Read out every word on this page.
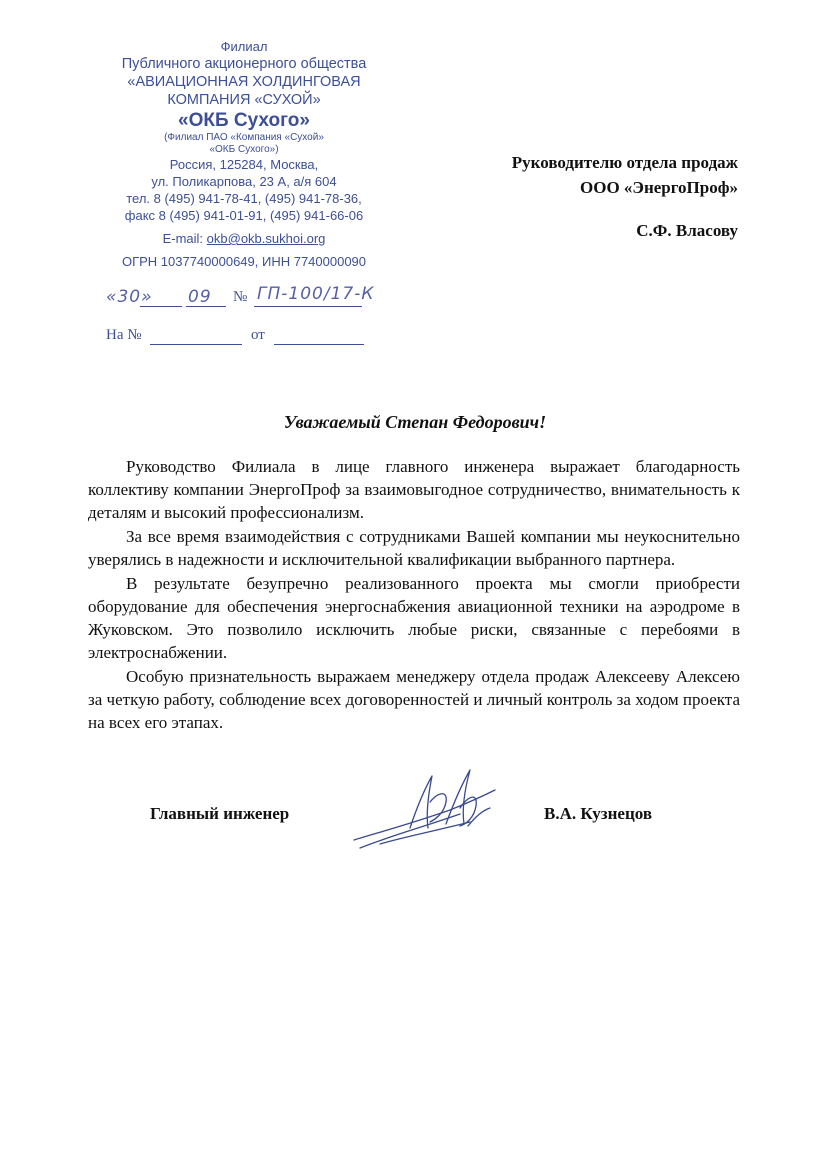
Филиал
Публичного акционерного общества
«АВИАЦИОННАЯ ХОЛДИНГОВАЯ
КОМПАНИЯ «СУХОЙ»
«ОКБ Сухого»
(Филиал ПАО «Компания «Сухой»
«ОКБ Сухого»)
Россия, 125284, Москва,
ул. Поликарпова, 23 А, а/я 604
тел. 8 (495) 941-78-41, (495) 941-78-36,
факс 8 (495) 941-01-91, (495) 941-66-06
E-mail: okb@okb.sukhoi.org
ОГРН 1037740000649, ИНН 7740000090
«30» 09 № ГП-100/17-К
На №	от
Руководителю отдела продаж
ООО «ЭнергоПроф»
С.Ф. Власову
Уважаемый Степан Федорович!

Руководство Филиала в лице главного инженера выражает благодарность коллективу компании ЭнергоПроф за взаимовыгодное сотрудничество, внимательность к деталям и высокий профессионализм.

За все время взаимодействия с сотрудниками Вашей компании мы неукоснительно уверялись в надежности и исключительной квалификации выбранного партнера.

В результате безупречно реализованного проекта мы смогли приобрести оборудование для обеспечения энергоснабжения авиационной техники на аэродроме в Жуковском. Это позволило исключить любые риски, связанные с перебоями в электроснабжении.

Особую признательность выражаем менеджеру отдела продаж Алексееву Алексею за четкую работу, соблюдение всех договоренностей и личный контроль за ходом проекта на всех его этапах.

Главный инженер	В.А. Кузнецов
